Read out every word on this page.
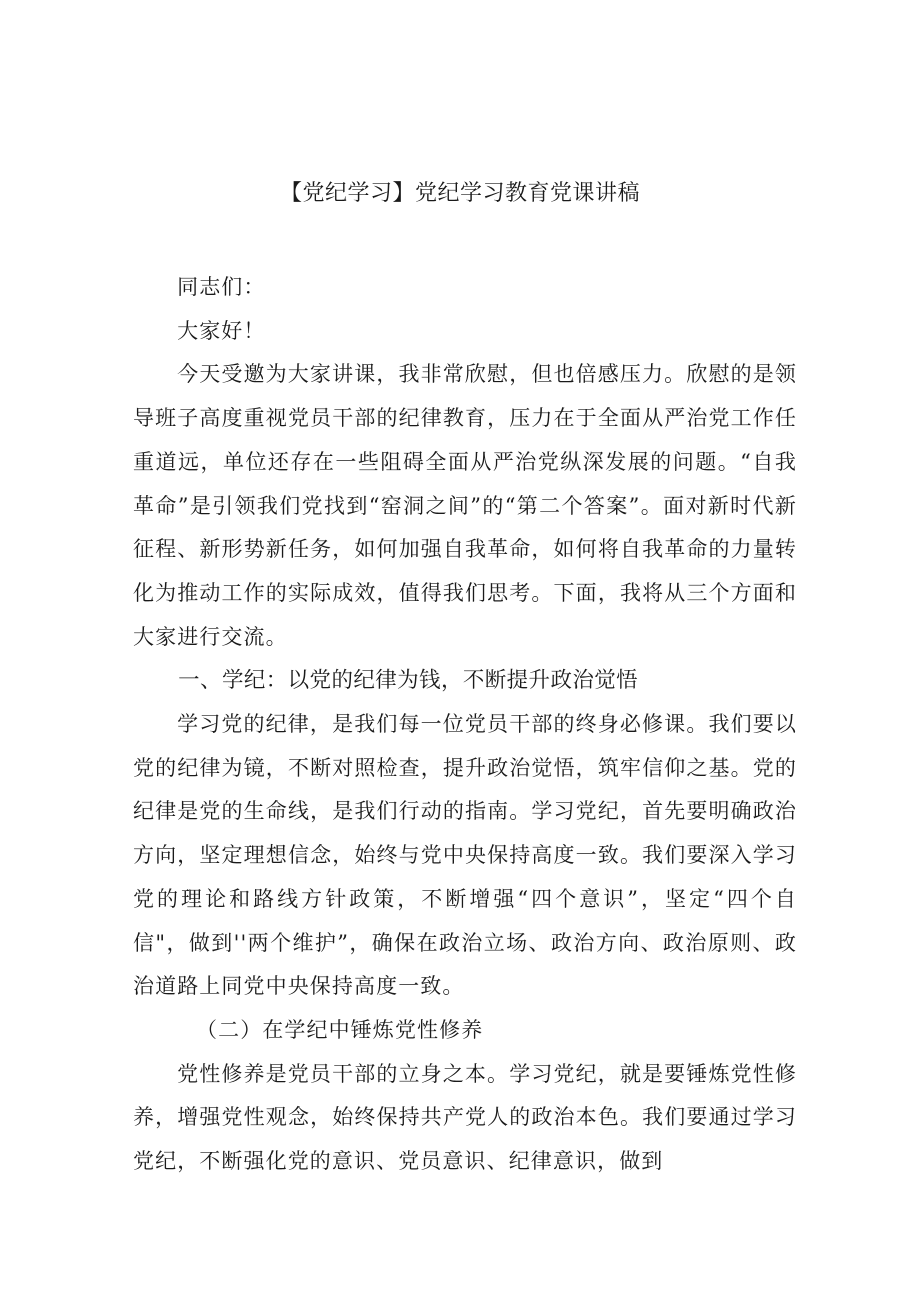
【党纪学习】党纪学习教育党课讲稿

同志们：

大家好！

今天受邀为大家讲课，我非常欣慰，但也倍感压力。欣慰的是领导班子高度重视党员干部的纪律教育，压力在于全面从严治党工作任重道远，单位还存在一些阻碍全面从严治党纵深发展的问题。“自我革命”是引领我们党找到“窑洞之间”的“第二个答案”。面对新时代新征程、新形势新任务，如何加强自我革命，如何将自我革命的力量转化为推动工作的实际成效，值得我们思考。下面，我将从三个方面和大家进行交流。

一、学纪：以党的纪律为钱，不断提升政治觉悟

学习党的纪律，是我们每一位党员干部的终身必修课。我们要以党的纪律为镜，不断对照检查，提升政治觉悟，筑牢信仰之基。党的纪律是党的生命线，是我们行动的指南。学习党纪，首先要明确政治方向，坚定理想信念，始终与党中央保持高度一致。我们要深入学习党的理论和路线方针政策，不断增强“四个意识”，坚定“四个自信"，做到''两个维护”，确保在政治立场、政治方向、政治原则、政治道路上同党中央保持高度一致。

（二）在学纪中锤炼党性修养

党性修养是党员干部的立身之本。学习党纪，就是要锤炼党性修养，增强党性观念，始终保持共产党人的政治本色。我们要通过学习党纪，不断强化党的意识、党员意识、纪律意识，做到
